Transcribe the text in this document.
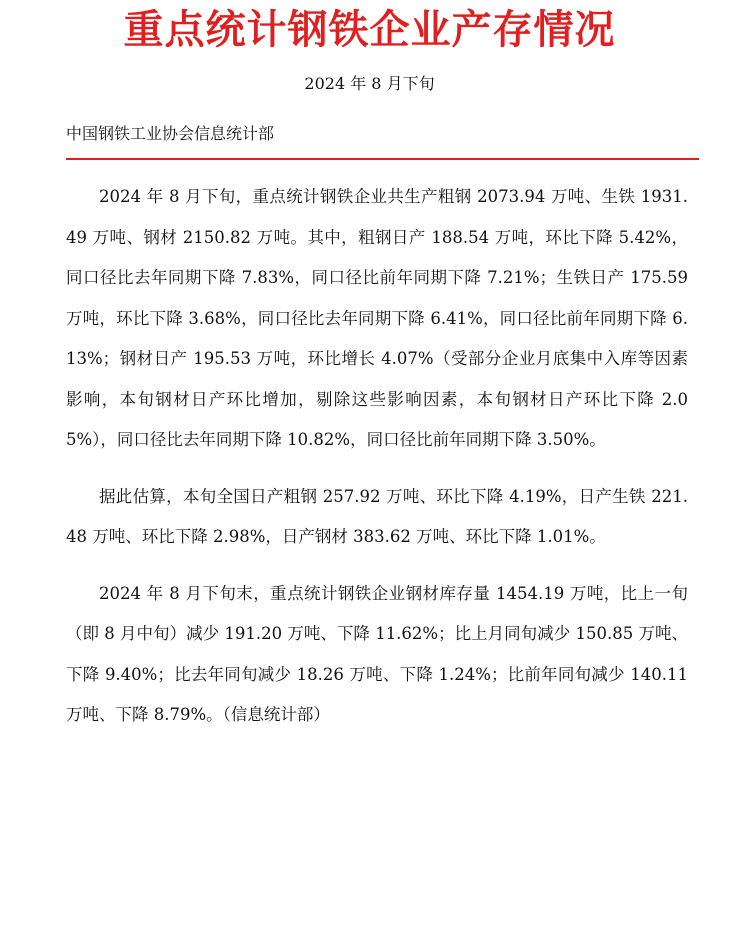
重点统计钢铁企业产存情况
2024 年 8 月下旬
中国钢铁工业协会信息统计部

2024 年 8 月下旬，重点统计钢铁企业共生产粗钢 2073.94 万吨、生铁 1931.49 万吨、钢材 2150.82 万吨。其中，粗钢日产 188.54 万吨，环比下降 5.42%，同口径比去年同期下降 7.83%，同口径比前年同期下降 7.21%；生铁日产 175.59 万吨，环比下降 3.68%，同口径比去年同期下降 6.41%，同口径比前年同期下降 6.13%；钢材日产 195.53 万吨，环比增长 4.07%（受部分企业月底集中入库等因素影响，本旬钢材日产环比增加，剔除这些影响因素，本旬钢材日产环比下降 2.05%），同口径比去年同期下降 10.82%，同口径比前年同期下降 3.50%。

据此估算，本旬全国日产粗钢 257.92 万吨、环比下降 4.19%，日产生铁 221.48 万吨、环比下降 2.98%，日产钢材 383.62 万吨、环比下降 1.01%。

2024 年 8 月下旬末，重点统计钢铁企业钢材库存量 1454.19 万吨，比上一旬（即 8 月中旬）减少 191.20 万吨、下降 11.62%；比上月同旬减少 150.85 万吨、下降 9.40%；比去年同旬减少 18.26 万吨、下降 1.24%；比前年同旬减少 140.11 万吨、下降 8.79%。（信息统计部）
